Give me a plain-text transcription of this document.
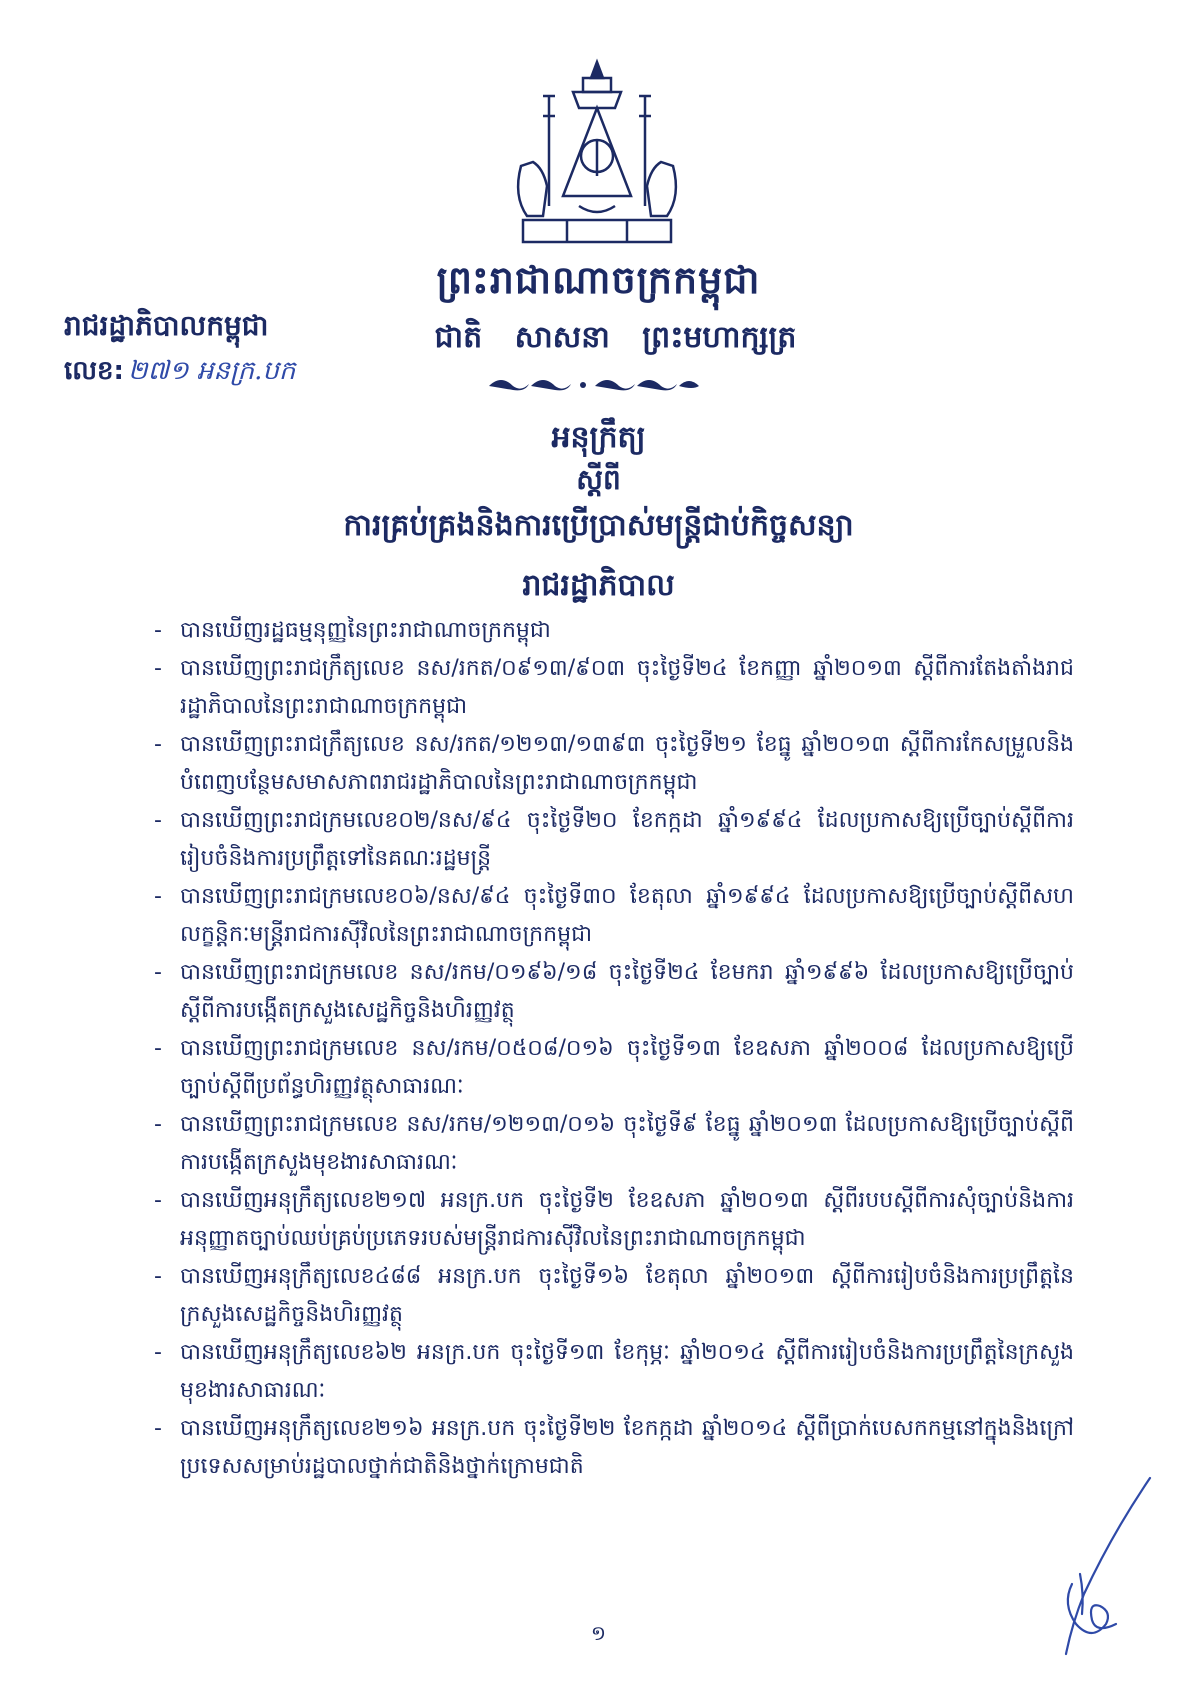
ព្រះរាជាណាចក្រកម្ពុជា
រាជរដ្ឋាភិបាលកម្ពុជា
លេខ: ២៧១ អនក្រ.បក
ជាតិ សាសនា ព្រះមហាក្សត្រ
អនុក្រឹត្យ
ស្តីពី
ការគ្រប់គ្រងនិងការប្រើប្រាស់មន្ត្រីជាប់កិច្ចសន្យា
រាជរដ្ឋាភិបាល
- បានឃើញរដ្ឋធម្មនុញ្ញនៃព្រះរាជាណាចក្រកម្ពុជា
- បានឃើញព្រះរាជក្រឹត្យលេខ នស/រកត/០៩១៣/៩០៣ ចុះថ្ងៃទី២៤ ខែកញ្ញា ឆ្នាំ២០១៣ ស្តីពីការតែងតាំងរាជរដ្ឋាភិបាលនៃព្រះរាជាណាចក្រកម្ពុជា
- បានឃើញព្រះរាជក្រឹត្យលេខ នស/រកត/១២១៣/១៣៩៣ ចុះថ្ងៃទី២១ ខែធ្នូ ឆ្នាំ២០១៣ ស្តីពីការកែសម្រួលនិងបំពេញបន្ថែមសមាសភាពរាជរដ្ឋាភិបាលនៃព្រះរាជាណាចក្រកម្ពុជា
- បានឃើញព្រះរាជក្រមលេខ០២/នស/៩៤ ចុះថ្ងៃទី២០ ខែកក្កដា ឆ្នាំ១៩៩៤ ដែលប្រកាសឱ្យប្រើច្បាប់ស្តីពីការរៀបចំនិងការប្រព្រឹត្តទៅនៃគណៈរដ្ឋមន្ត្រី
- បានឃើញព្រះរាជក្រមលេខ០៦/នស/៩៤ ចុះថ្ងៃទី៣០ ខែតុលា ឆ្នាំ១៩៩៤ ដែលប្រកាសឱ្យប្រើច្បាប់ស្តីពីសហលក្ខន្តិកៈមន្ត្រីរាជការស៊ីវិលនៃព្រះរាជាណាចក្រកម្ពុជា
- បានឃើញព្រះរាជក្រមលេខ នស/រកម/០១៩៦/១៨ ចុះថ្ងៃទី២៤ ខែមករា ឆ្នាំ១៩៩៦ ដែលប្រកាសឱ្យប្រើច្បាប់ស្តីពីការបង្កើតក្រសួងសេដ្ឋកិច្ចនិងហិរញ្ញវត្ថុ
- បានឃើញព្រះរាជក្រមលេខ នស/រកម/០៥០៨/០១៦ ចុះថ្ងៃទី១៣ ខែឧសភា ឆ្នាំ២០០៨ ដែលប្រកាសឱ្យប្រើច្បាប់ស្តីពីប្រព័ន្ធហិរញ្ញវត្ថុសាធារណៈ
- បានឃើញព្រះរាជក្រមលេខ នស/រកម/១២១៣/០១៦ ចុះថ្ងៃទី៩ ខែធ្នូ ឆ្នាំ២០១៣ ដែលប្រកាសឱ្យប្រើច្បាប់ស្តីពីការបង្កើតក្រសួងមុខងារសាធារណៈ
- បានឃើញអនុក្រឹត្យលេខ២១៧ អនក្រ.បក ចុះថ្ងៃទី២ ខែឧសភា ឆ្នាំ២០១៣ ស្តីពីរបបស្តីពីការសុំច្បាប់និងការអនុញ្ញាតច្បាប់ឈប់គ្រប់ប្រភេទរបស់មន្ត្រីរាជការស៊ីវិលនៃព្រះរាជាណាចក្រកម្ពុជា
- បានឃើញអនុក្រឹត្យលេខ៤៨៨ អនក្រ.បក ចុះថ្ងៃទី១៦ ខែតុលា ឆ្នាំ២០១៣ ស្តីពីការរៀបចំនិងការប្រព្រឹត្តនៃក្រសួងសេដ្ឋកិច្ចនិងហិរញ្ញវត្ថុ
- បានឃើញអនុក្រឹត្យលេខ៦២ អនក្រ.បក ចុះថ្ងៃទី១៣ ខែកុម្ភៈ ឆ្នាំ២០១៤ ស្តីពីការរៀបចំនិងការប្រព្រឹត្តនៃក្រសួងមុខងារសាធារណៈ
- បានឃើញអនុក្រឹត្យលេខ២១៦ អនក្រ.បក ចុះថ្ងៃទី២២ ខែកក្កដា ឆ្នាំ២០១៤ ស្តីពីប្រាក់បេសកកម្មនៅក្នុងនិងក្រៅប្រទេសសម្រាប់រដ្ឋបាលថ្នាក់ជាតិនិងថ្នាក់ក្រោមជាតិ
១
